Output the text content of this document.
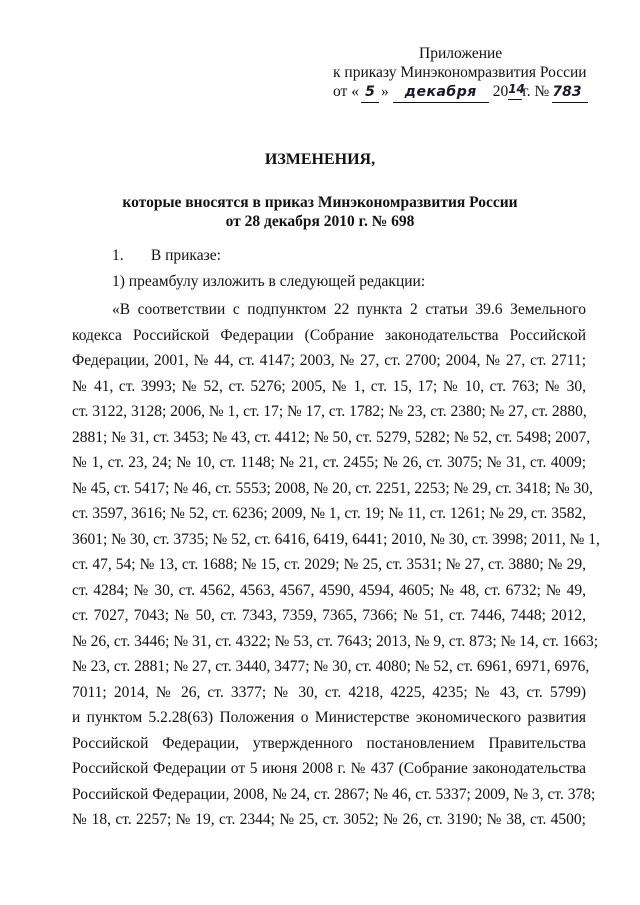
Приложение
к приказу Минэкономразвития России
от « 5 »	декабря	20 14
г. № 783
ИЗМЕНЕНИЯ,
которые вносятся в приказ Минэкономразвития России
от 28 декабря 2010 г. № 698
1. В приказе:
1) преамбулу изложить в следующей редакции:
«В соответствии с подпунктом 22 пункта 2 статьи 39.6 Земельного
кодекса Российской Федерации (Собрание законодательства Российской
Федерации, 2001, № 44, ст. 4147; 2003, № 27, ст. 2700; 2004, № 27, ст. 2711;
№ 41, ст. 3993; № 52, ст. 5276; 2005, № 1, ст. 15, 17; № 10, ст. 763; № 30,
ст. 3122, 3128; 2006, № 1, ст. 17; № 17, ст. 1782; № 23, ст. 2380; № 27, ст. 2880,
2881; № 31, ст. 3453; № 43, ст. 4412; № 50, ст. 5279, 5282; № 52, ст. 5498; 2007,
№ 1, ст. 23, 24; № 10, ст. 1148; № 21, ст. 2455; № 26, ст. 3075; № 31, ст. 4009;
№ 45, ст. 5417; № 46, ст. 5553; 2008, № 20, ст. 2251, 2253; № 29, ст. 3418; № 30,
ст. 3597, 3616; № 52, ст. 6236; 2009, № 1, ст. 19; № 11, ст. 1261; № 29, ст. 3582,
3601; № 30, ст. 3735; № 52, ст. 6416, 6419, 6441; 2010, № 30, ст. 3998; 2011, № 1,
ст. 47, 54; № 13, ст. 1688; № 15, ст. 2029; № 25, ст. 3531; № 27, ст. 3880; № 29,
ст. 4284; № 30, ст. 4562, 4563, 4567, 4590, 4594, 4605; № 48, ст. 6732; № 49,
ст. 7027, 7043; № 50, ст. 7343, 7359, 7365, 7366; № 51, ст. 7446, 7448; 2012,
№ 26, ст. 3446; № 31, ст. 4322; № 53, ст. 7643; 2013, № 9, ст. 873; № 14, ст. 1663;
№ 23, ст. 2881; № 27, ст. 3440, 3477; № 30, ст. 4080; № 52, ст. 6961, 6971, 6976,
7011; 2014, № 26, ст. 3377; № 30, ст. 4218, 4225, 4235; № 43, ст. 5799)
и пунктом 5.2.28(63) Положения о Министерстве экономического развития
Российской Федерации, утвержденного постановлением Правительства
Российской Федерации от 5 июня 2008 г. № 437 (Собрание законодательства
Российской Федерации, 2008, № 24, ст. 2867; № 46, ст. 5337; 2009, № 3, ст. 378;
№ 18, ст. 2257; № 19, ст. 2344; № 25, ст. 3052; № 26, ст. 3190; № 38, ст. 4500;
